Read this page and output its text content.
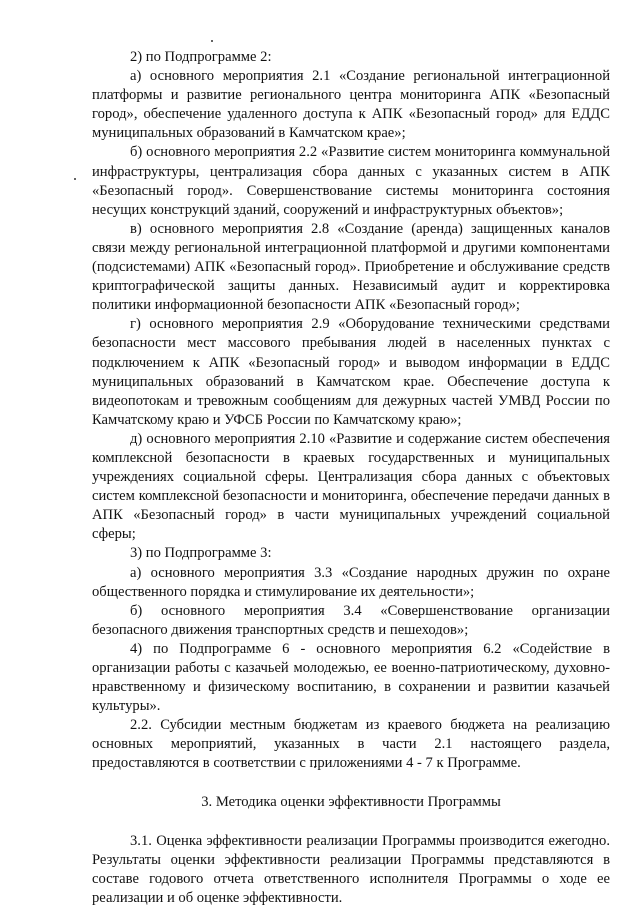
2) по Подпрограмме 2:

а) основного мероприятия 2.1 «Создание региональной интеграционной платформы и развитие регионального центра мониторинга АПК «Безопасный город», обеспечение удаленного доступа к АПК «Безопасный город» для ЕДДС муниципальных образований в Камчатском крае»;

б) основного мероприятия 2.2 «Развитие систем мониторинга коммунальной инфраструктуры, централизация сбора данных с указанных систем в АПК «Безопасный город». Совершенствование системы мониторинга состояния несущих конструкций зданий, сооружений и инфраструктурных объектов»;

в) основного мероприятия 2.8 «Создание (аренда) защищенных каналов связи между региональной интеграционной платформой и другими компонентами (подсистемами) АПК «Безопасный город». Приобретение и обслуживание средств криптографической защиты данных. Независимый аудит и корректировка политики информационной безопасности АПК «Безопасный город»;

г) основного мероприятия 2.9 «Оборудование техническими средствами безопасности мест массового пребывания людей в населенных пунктах с подключением к АПК «Безопасный город» и выводом информации в ЕДДС муниципальных образований в Камчатском крае. Обеспечение доступа к видеопотокам и тревожным сообщениям для дежурных частей УМВД России по Камчатскому краю и УФСБ России по Камчатскому краю»;

д) основного мероприятия 2.10 «Развитие и содержание систем обеспечения комплексной безопасности в краевых государственных и муниципальных учреждениях социальной сферы. Централизация сбора данных с объектовых систем комплексной безопасности и мониторинга, обеспечение передачи данных в АПК «Безопасный город» в части муниципальных учреждений социальной сферы;

3) по Подпрограмме 3:

а) основного мероприятия 3.3 «Создание народных дружин по охране общественного порядка и стимулирование их деятельности»;

б) основного мероприятия 3.4 «Совершенствование организации безопасного движения транспортных средств и пешеходов»;

4) по Подпрограмме 6 - основного мероприятия 6.2 «Содействие в организации работы с казачьей молодежью, ее военно-патриотическому, духовно-нравственному и физическому воспитанию, в сохранении и развитии казачьей культуры».

2.2. Субсидии местным бюджетам из краевого бюджета на реализацию основных мероприятий, указанных в части 2.1 настоящего раздела, предоставляются в соответствии с приложениями 4 - 7 к Программе.

3. Методика оценки эффективности Программы

3.1. Оценка эффективности реализации Программы производится ежегодно. Результаты оценки эффективности реализации Программы представляются в составе годового отчета ответственного исполнителя Программы о ходе ее реализации и об оценке эффективности.
